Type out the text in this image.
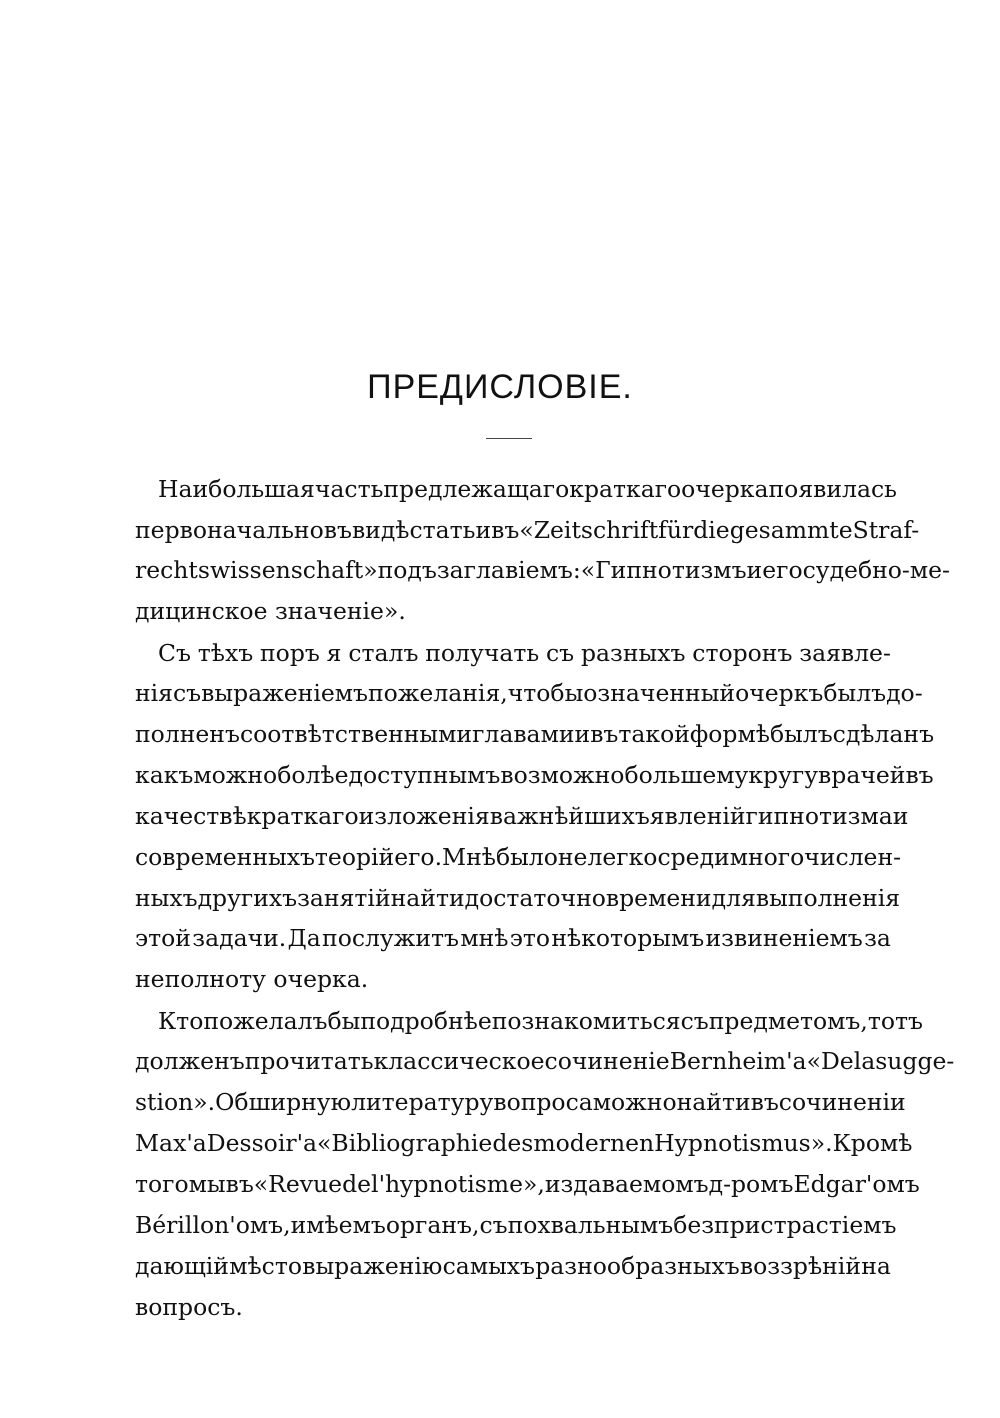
ПРЕДИСЛОВIЕ.
Наибольшая часть предлежащаго краткаго очерка появилась
первоначально въ видѣ статьи въ «Zeitschrift für die gesammte Straf-
rechtswissenschaft» подъ заглавiемъ: «Гипнотизмъ и его судебно-ме-
дицинское значенiе».
Съ тѣхъ поръ я сталъ получать съ разныхъ сторонъ заявле-
нiя съ выраженiемъ пожеланiя, чтобы означенный очеркъ былъ до-
полненъ соотвѣтственными главами и въ такой формѣ былъ сдѣланъ
какъ можно болѣе доступнымъ возможно большему кругу врачей въ
качествѣ краткаго изложенiя важнѣйшихъ явленiй гипнотизма и
современныхъ теорiй его. Мнѣ было не легко среди многочислен-
ныхъ другихъ занятiй найти достаточно времени для выполненiя
этой задачи. Да послужитъ мнѣ это нѣкоторымъ извиненiемъ за
неполноту очерка.
Кто пожелалъ бы подробнѣе познакомиться съ предметомъ, тотъ
долженъ прочитать классическое сочиненiе Bernheim'а «De la sugge-
stion». Обширную литературу вопроса можно найти въ сочиненiи
Max'а Dessoir'а «Bibliographie des modernen Hypnotismus». Кромѣ
того мы въ «Revue de l'hypnotisme», издаваемомъ д-ромъ Edgar'омъ
Bérillon'омъ, имѣемъ органъ, съ похвальнымъ безпристрастiемъ
дающiй мѣсто выраженiю самыхъ разнообразныхъ воззрѣнiй на
вопросъ.
